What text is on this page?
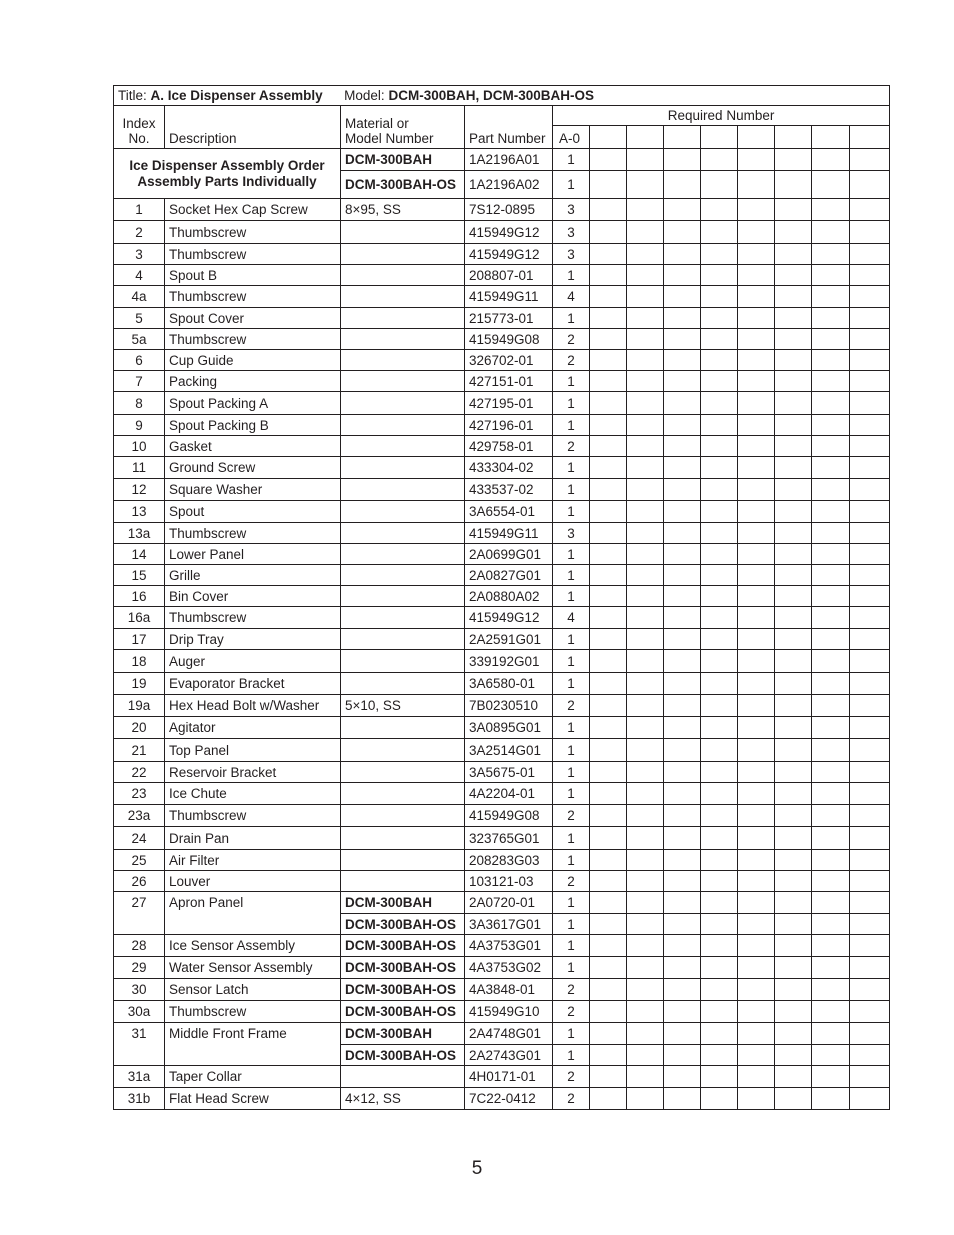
Title: A. Ice Dispenser Assembly Model: DCM-300BAH, DCM-300BAH-OS												
Index
No.	Description	Material or
Model Number	Part Number	Required Number								
				A-0								
Ice Dispenser Assembly Order Assembly Parts Individually		DCM-300BAH	1A2196A01	1								
		DCM-300BAH-OS	1A2196A02	1								
1	Socket Hex Cap Screw	8×95, SS	7S12-0895	3								
2	Thumbscrew		415949G12	3								
3	Thumbscrew		415949G12	3								
4	Spout B		208807-01	1								
4a	Thumbscrew		415949G11	4								
5	Spout Cover		215773-01	1								
5a	Thumbscrew		415949G08	2								
6	Cup Guide		326702-01	2								
7	Packing		427151-01	1								
8	Spout Packing A		427195-01	1								
9	Spout Packing B		427196-01	1								
10	Gasket		429758-01	2								
11	Ground Screw		433304-02	1								
12	Square Washer		433537-02	1								
13	Spout		3A6554-01	1								
13a	Thumbscrew		415949G11	3								
14	Lower Panel		2A0699G01	1								
15	Grille		2A0827G01	1								
16	Bin Cover		2A0880A02	1								
16a	Thumbscrew		415949G12	4								
17	Drip Tray		2A2591G01	1								
18	Auger		339192G01	1								
19	Evaporator Bracket		3A6580-01	1								
19a	Hex Head Bolt w/Washer	5×10, SS	7B0230510	2								
20	Agitator		3A0895G01	1								
21	Top Panel		3A2514G01	1								
22	Reservoir Bracket		3A5675-01	1								
23	Ice Chute		4A2204-01	1								
23a	Thumbscrew		415949G08	2								
24	Drain Pan		323765G01	1								
25	Air Filter		208283G03	1								
26	Louver		103121-03	2								
27	Apron Panel	DCM-300BAH	2A0720-01	1								
		DCM-300BAH-OS	3A3617G01	1								
28	Ice Sensor Assembly	DCM-300BAH-OS	4A3753G01	1								
29	Water Sensor Assembly	DCM-300BAH-OS	4A3753G02	1								
30	Sensor Latch	DCM-300BAH-OS	4A3848-01	2								
30a	Thumbscrew	DCM-300BAH-OS	415949G10	2								
31	Middle Front Frame	DCM-300BAH	2A4748G01	1								
		DCM-300BAH-OS	2A2743G01	1								
31a	Taper Collar		4H0171-01	2								
31b	Flat Head Screw	4×12, SS	7C22-0412	2								
5
